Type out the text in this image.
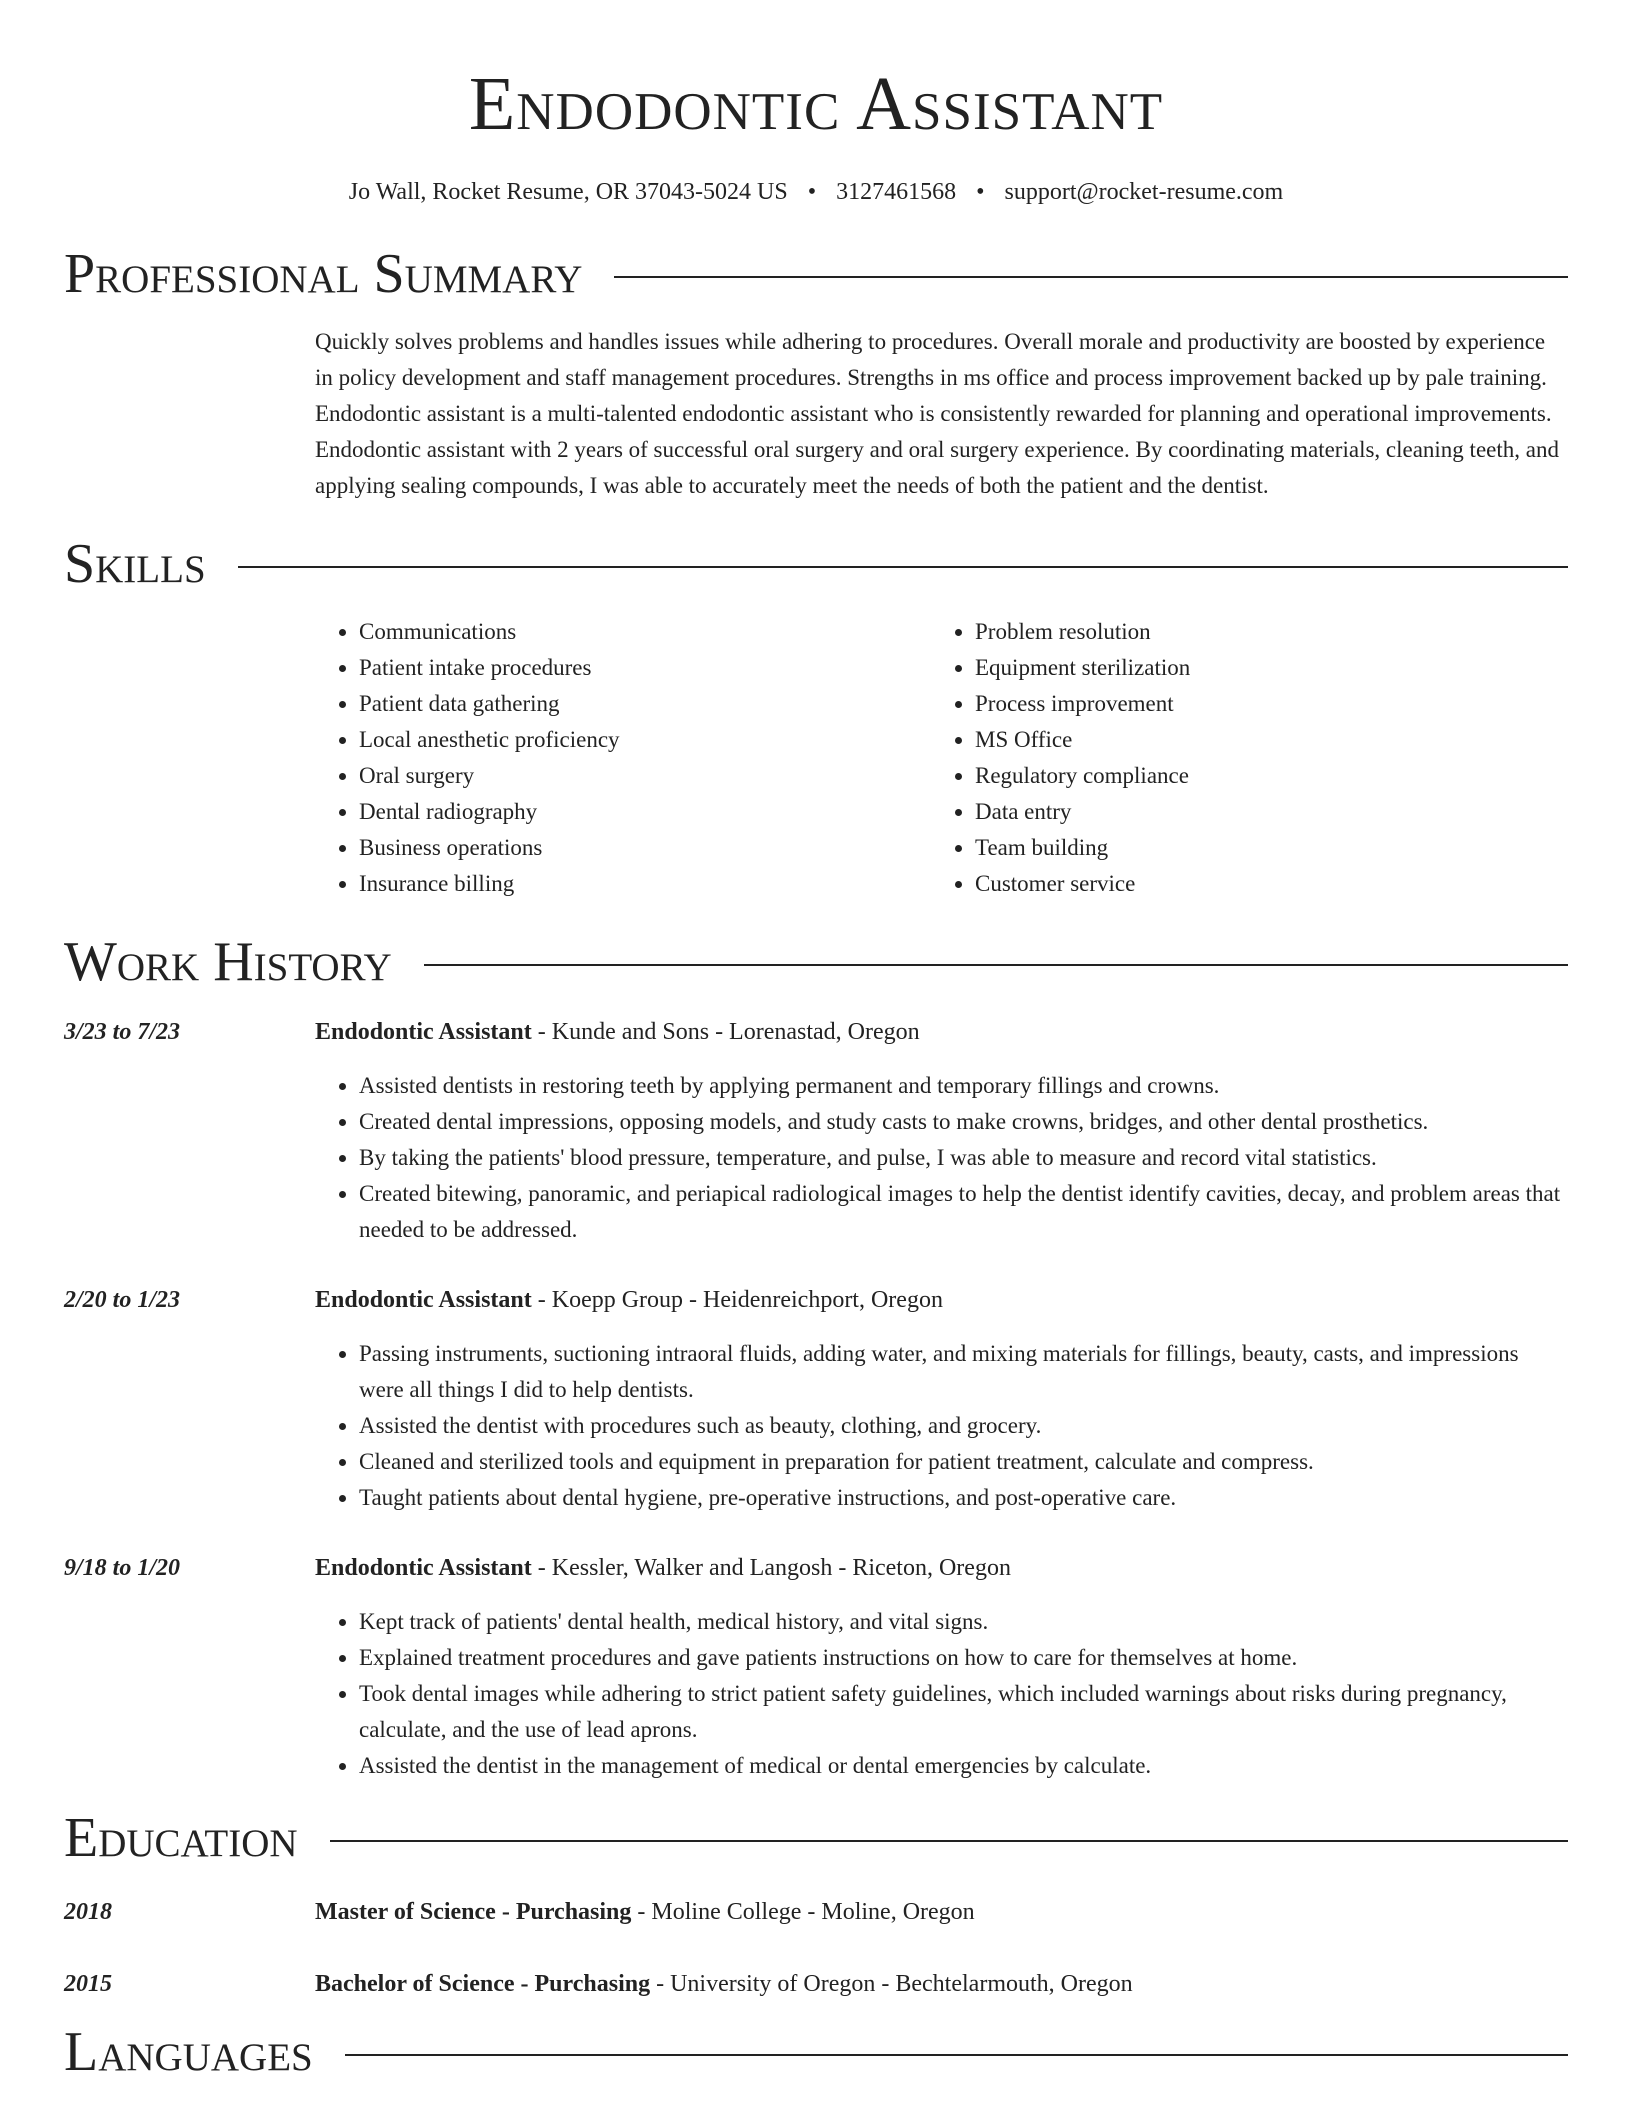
Endodontic Assistant
Jo Wall, Rocket Resume, OR 37043-5024 US • 3127461568 • support@rocket-resume.com
Professional Summary
Quickly solves problems and handles issues while adhering to procedures. Overall morale and productivity are boosted by experience in policy development and staff management procedures. Strengths in ms office and process improvement backed up by pale training. Endodontic assistant is a multi-talented endodontic assistant who is consistently rewarded for planning and operational improvements. Endodontic assistant with 2 years of successful oral surgery and oral surgery experience. By coordinating materials, cleaning teeth, and applying sealing compounds, I was able to accurately meet the needs of both the patient and the dentist.
Skills
• Communications
• Patient intake procedures
• Patient data gathering
• Local anesthetic proficiency
• Oral surgery
• Dental radiography
• Business operations
• Insurance billing
• Problem resolution
• Equipment sterilization
• Process improvement
• MS Office
• Regulatory compliance
• Data entry
• Team building
• Customer service
Work History
3/23 to 7/23	Endodontic Assistant - Kunde and Sons - Lorenastad, Oregon
• Assisted dentists in restoring teeth by applying permanent and temporary fillings and crowns.
• Created dental impressions, opposing models, and study casts to make crowns, bridges, and other dental prosthetics.
• By taking the patients' blood pressure, temperature, and pulse, I was able to measure and record vital statistics.
• Created bitewing, panoramic, and periapical radiological images to help the dentist identify cavities, decay, and problem areas that needed to be addressed.
2/20 to 1/23	Endodontic Assistant - Koepp Group - Heidenreichport, Oregon
• Passing instruments, suctioning intraoral fluids, adding water, and mixing materials for fillings, beauty, casts, and impressions were all things I did to help dentists.
• Assisted the dentist with procedures such as beauty, clothing, and grocery.
• Cleaned and sterilized tools and equipment in preparation for patient treatment, calculate and compress.
• Taught patients about dental hygiene, pre-operative instructions, and post-operative care.
9/18 to 1/20	Endodontic Assistant - Kessler, Walker and Langosh - Riceton, Oregon
• Kept track of patients' dental health, medical history, and vital signs.
• Explained treatment procedures and gave patients instructions on how to care for themselves at home.
• Took dental images while adhering to strict patient safety guidelines, which included warnings about risks during pregnancy, calculate, and the use of lead aprons.
• Assisted the dentist in the management of medical or dental emergencies by calculate.
Education
2018	Master of Science - Purchasing - Moline College - Moline, Oregon
2015	Bachelor of Science - Purchasing - University of Oregon - Bechtelarmouth, Oregon
Languages
